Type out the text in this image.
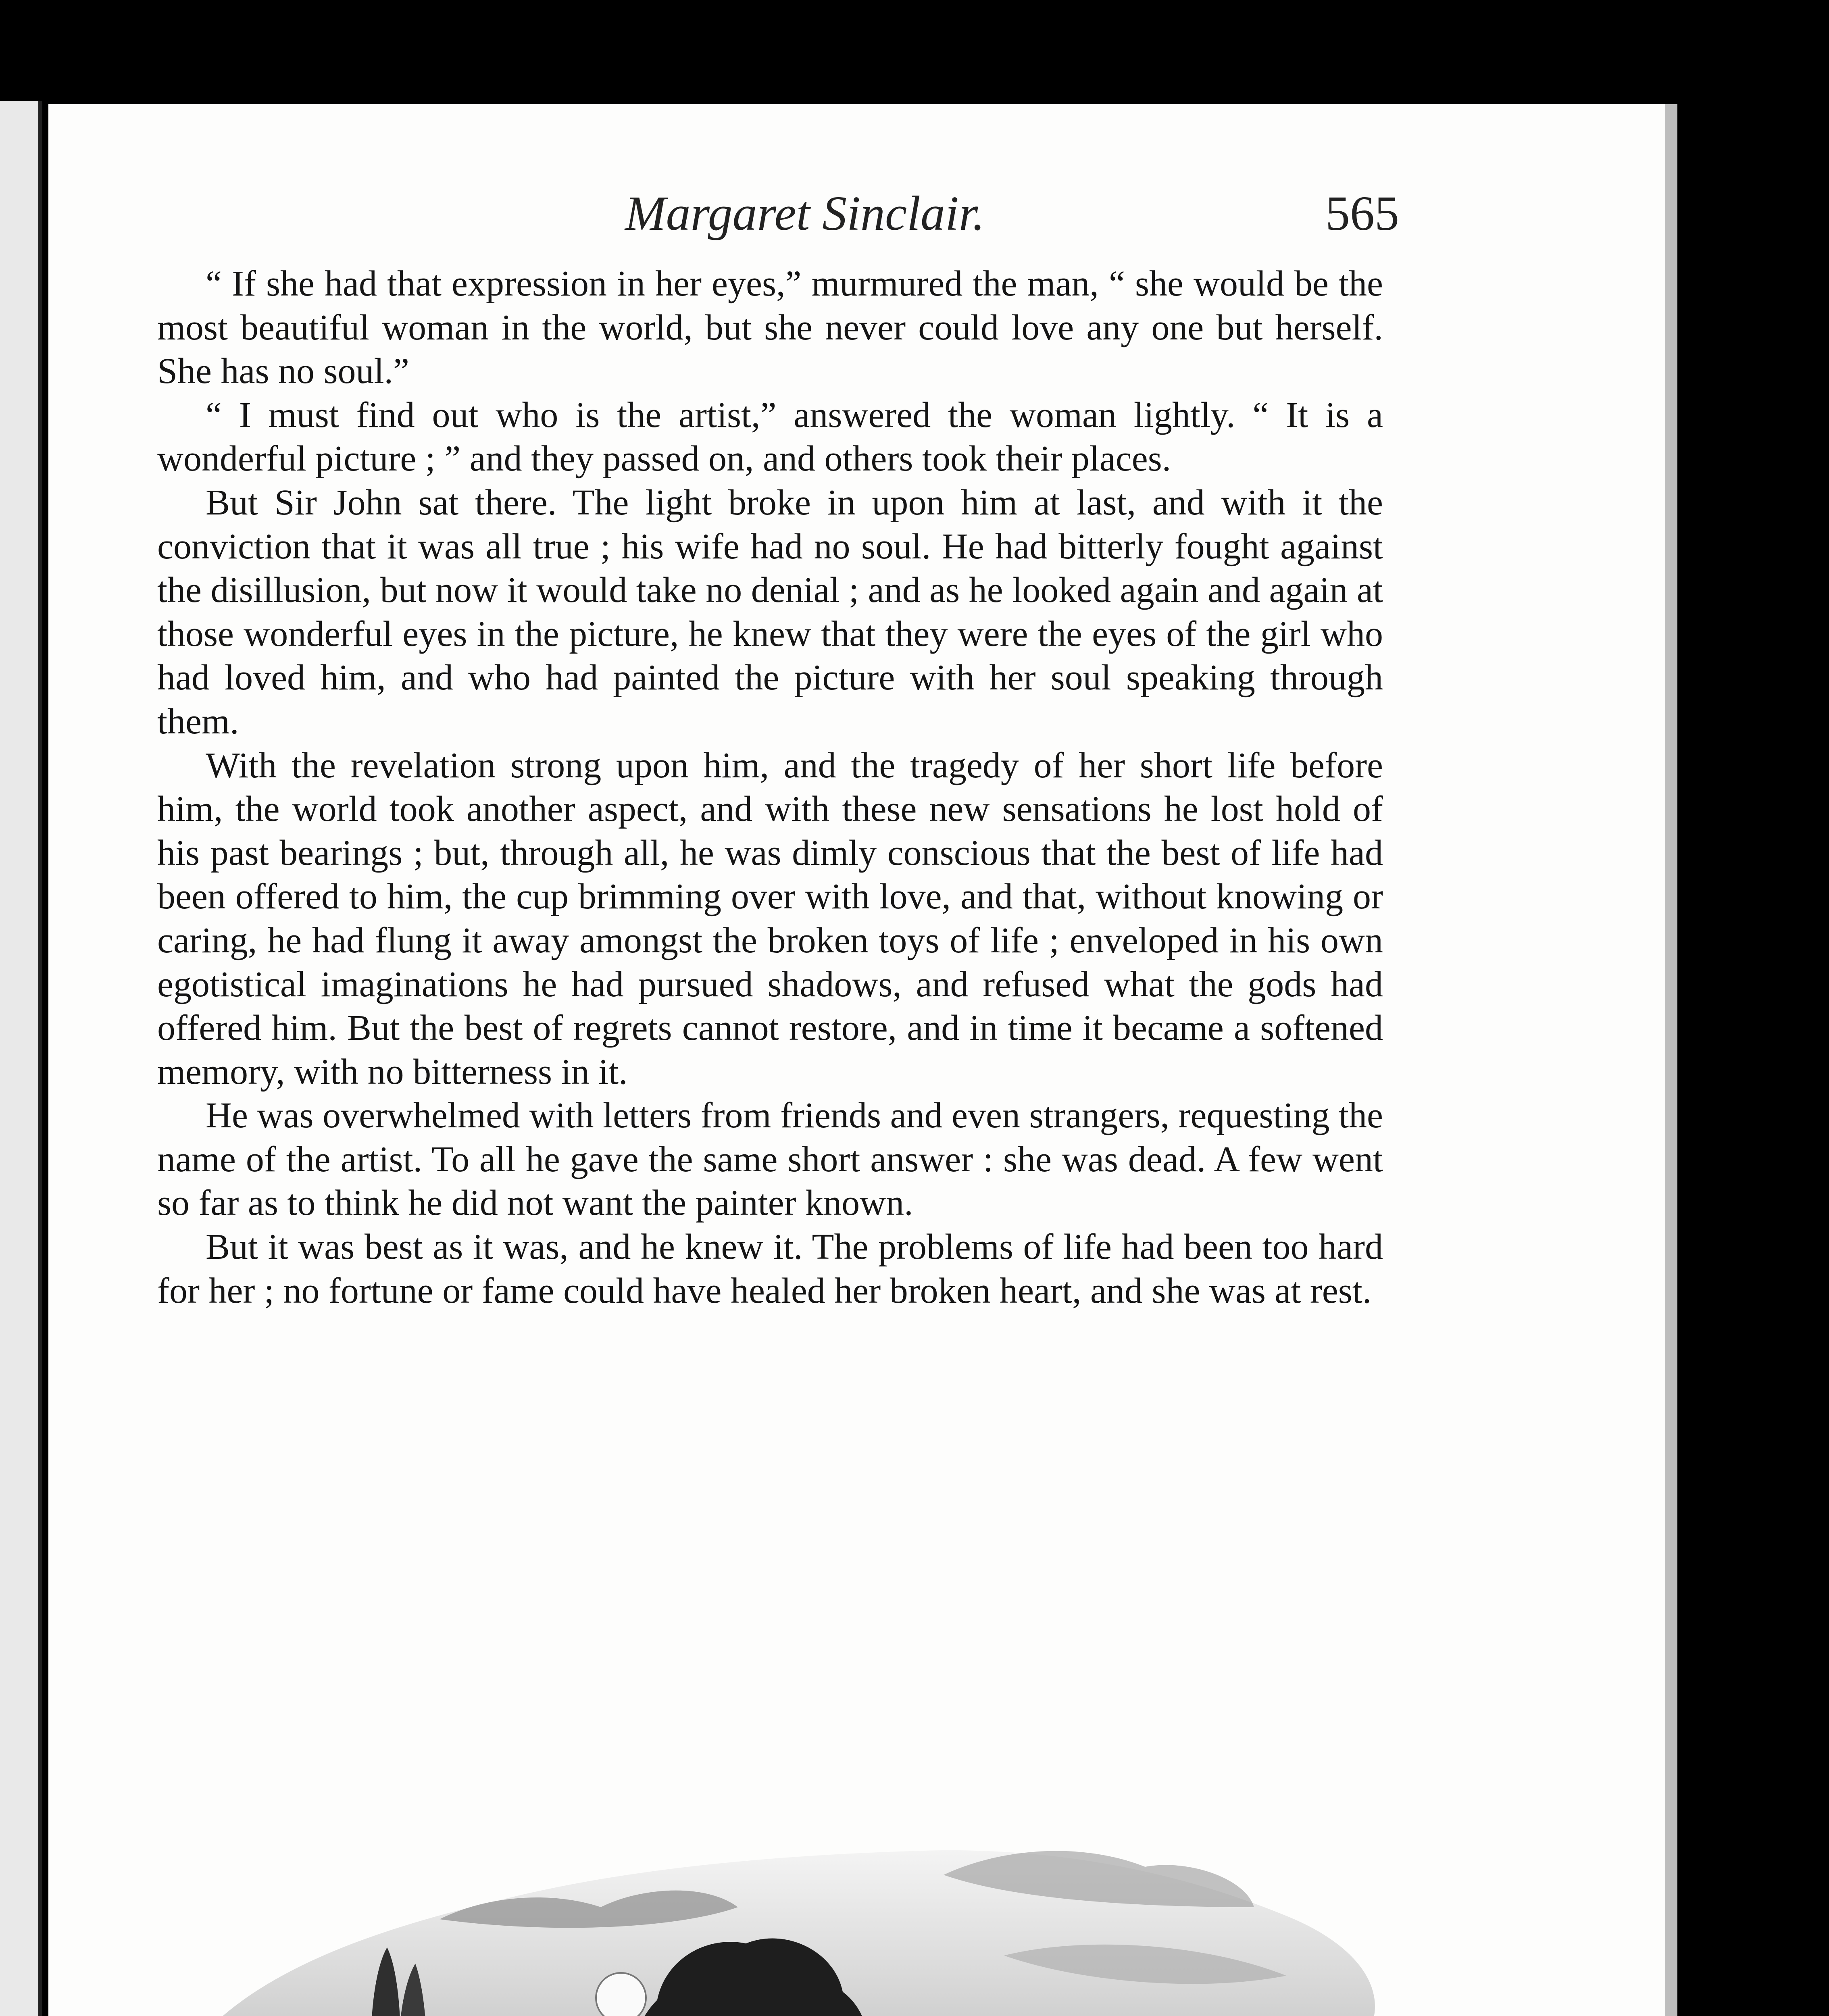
Margaret Sinclair.	565

“ If she had that expression in her eyes,” murmured the man, “ she would be the most beautiful woman in the world, but she never could love any one but herself. She has no soul.”

“ I must find out who is the artist,” answered the woman lightly. “ It is a wonderful picture ; ” and they passed on, and others took their places.

But Sir John sat there. The light broke in upon him at last, and with it the conviction that it was all true ; his wife had no soul. He had bitterly fought against the disillusion, but now it would take no denial ; and as he looked again and again at those wonderful eyes in the picture, he knew that they were the eyes of the girl who had loved him, and who had painted the picture with her soul speaking through them.

With the revelation strong upon him, and the tragedy of her short life before him, the world took another aspect, and with these new sensations he lost hold of his past bearings ; but, through all, he was dimly conscious that the best of life had been offered to him, the cup brimming over with love, and that, without knowing or caring, he had flung it away amongst the broken toys of life ; enveloped in his own egotistical imaginations he had pursued shadows, and refused what the gods had offered him. But the best of regrets cannot restore, and in time it became a softened memory, with no bitterness in it.

He was overwhelmed with letters from friends and even strangers, requesting the name of the artist. To all he gave the same short answer : she was dead. A few went so far as to think he did not want the painter known.

But it was best as it was, and he knew it. The problems of life had been too hard for her ; no fortune or fame could have healed her broken heart, and she was at rest.
